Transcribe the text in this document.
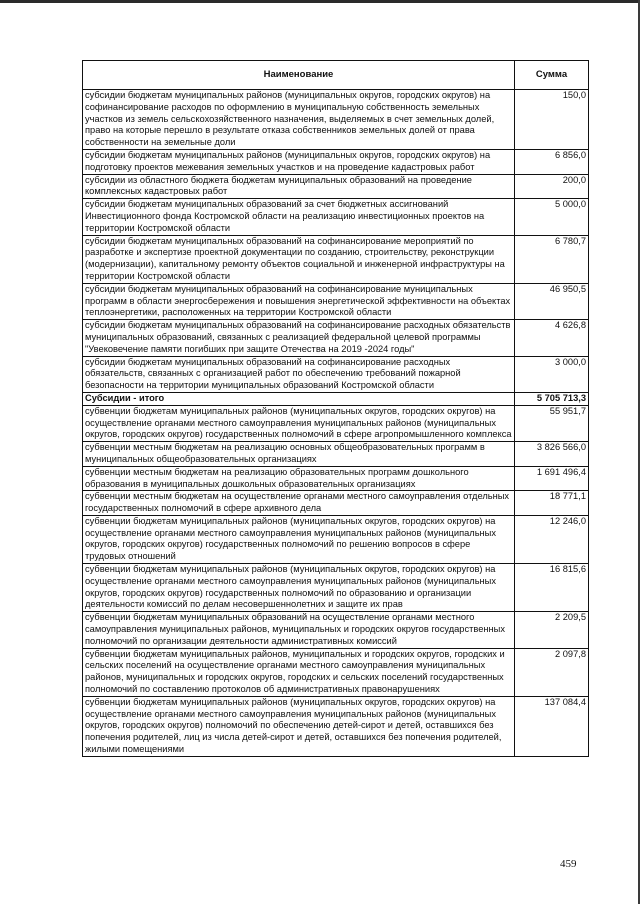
Наименование	Сумма
субсидии бюджетам муниципальных районов (муниципальных округов, городских округов) на софинансирование расходов по оформлению в муниципальную собственность земельных участков из земель сельскохозяйственного назначения, выделяемых в счет земельных долей, право на которые перешло в результате отказа собственников земельных долей от права собственности на земельные доли	150,0
субсидии бюджетам муниципальных районов (муниципальных округов, городских округов) на подготовку проектов межевания земельных участков и на проведение кадастровых работ	6 856,0
субсидии из областного бюджета бюджетам муниципальных образований на проведение комплексных кадастровых работ	200,0
субсидии бюджетам муниципальных образований за счет бюджетных ассигнований Инвестиционного фонда Костромской области на реализацию инвестиционных проектов на территории Костромской области	5 000,0
субсидии бюджетам муниципальных образований на софинансирование мероприятий по разработке и экспертизе проектной документации по созданию, строительству, реконструкции (модернизации), капитальному ремонту объектов социальной и инженерной инфраструктуры на территории Костромской области	6 780,7
субсидии бюджетам муниципальных образований на софинансирование муниципальных программ в области энергосбережения и повышения энергетической эффективности на объектах теплоэнергетики, расположенных на территории Костромской области	46 950,5
субсидии бюджетам муниципальных образований на софинансирование расходных обязательств муниципальных образований, связанных с реализацией федеральной целевой программы "Увековечение памяти погибших при защите Отечества на 2019 -2024 годы"	4 626,8
субсидии бюджетам муниципальных образований на софинансирование расходных обязательств, связанных с организацией работ по обеспечению требований пожарной безопасности на территории муниципальных образований Костромской области	3 000,0
Субсидии - итого	5 705 713,3
субвенции бюджетам муниципальных районов (муниципальных округов, городских округов) на осуществление органами местного самоуправления муниципальных районов (муниципальных округов, городских округов) государственных полномочий в сфере агропромышленного комплекса	55 951,7
субвенции местным бюджетам на реализацию основных общеобразовательных программ в муниципальных общеобразовательных организациях	3 826 566,0
субвенции местным бюджетам на реализацию образовательных программ дошкольного образования в муниципальных дошкольных образовательных организациях	1 691 496,4
субвенции местным бюджетам на осуществление органами местного самоуправления отдельных государственных полномочий в сфере архивного дела	18 771,1
субвенции бюджетам муниципальных районов (муниципальных округов, городских округов) на осуществление органами местного самоуправления муниципальных районов (муниципальных округов, городских округов) государственных полномочий по решению вопросов в сфере трудовых отношений	12 246,0
субвенции бюджетам муниципальных районов (муниципальных округов, городских округов) на осуществление органами местного самоуправления муниципальных районов (муниципальных округов, городских округов) государственных полномочий по образованию и организации деятельности комиссий по делам несовершеннолетних и защите их прав	16 815,6
субвенции бюджетам муниципальных образований на осуществление органами местного самоуправления муниципальных районов, муниципальных и городских округов государственных полномочий по организации деятельности административных комиссий	2 209,5
субвенции бюджетам муниципальных районов, муниципальных и городских округов, городских и сельских поселений на осуществление органами местного самоуправления муниципальных районов, муниципальных и городских округов, городских и сельских поселений государственных полномочий по составлению протоколов об административных правонарушениях	2 097,8
субвенции бюджетам муниципальных районов (муниципальных округов, городских округов) на осуществление органами местного самоуправления муниципальных районов (муниципальных округов, городских округов) полномочий по обеспечению детей-сирот и детей, оставшихся без попечения родителей, лиц из числа детей-сирот и детей, оставшихся без попечения родителей, жилыми помещениями	137 084,4
459
